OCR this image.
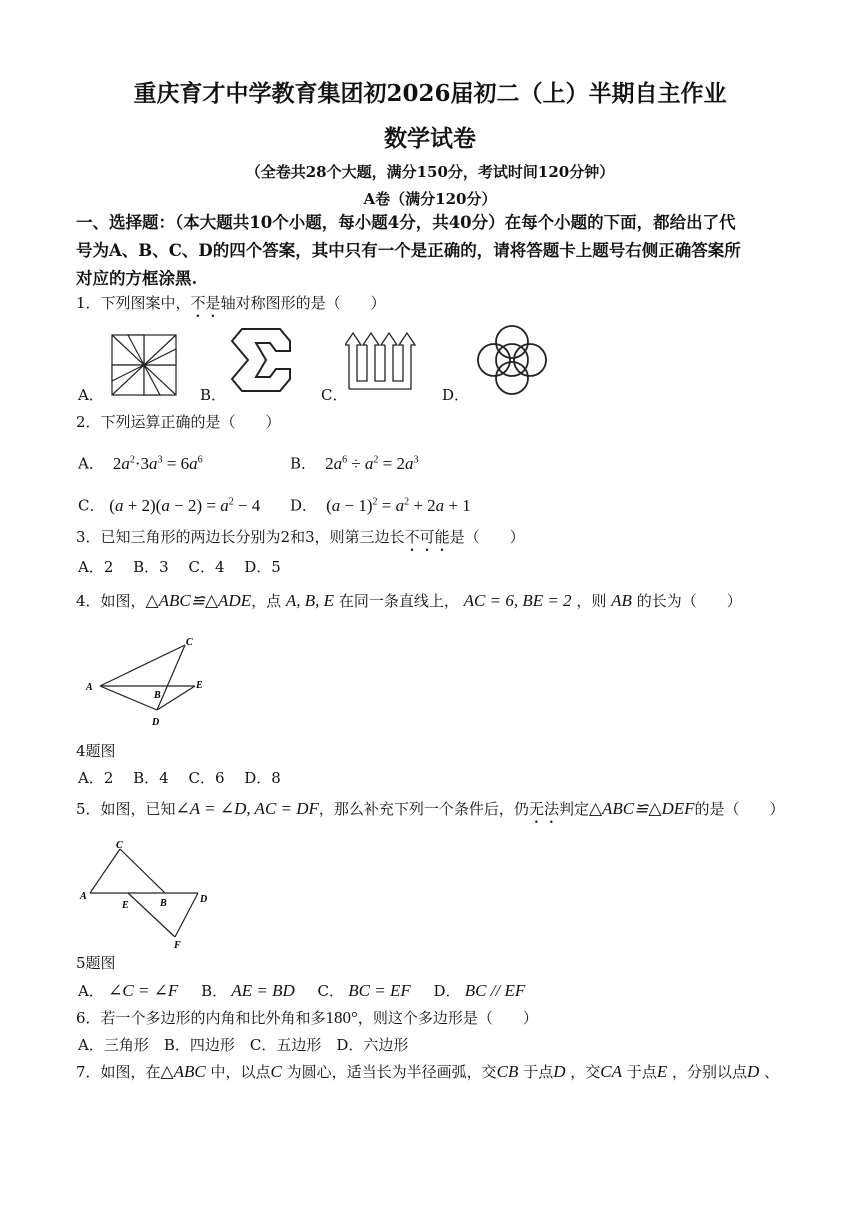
重庆育才中学教育集团初2026届初二（上）半期自主作业
数学试卷
（全卷共28个大题，满分150分，考试时间120分钟）
A卷（满分120分）
一、选择题：（本大题共10个小题，每小题4分，共40分）在每个小题的下面，都给出了代
号为A、B、C、D的四个答案，其中只有一个是正确的，请将答题卡上题号右侧正确答案所
对应的方框涂黑.
1．下列图案中，不是轴对称图形的是（　　）
A．	B．	C．	D．
2．下列运算正确的是（　　）
A．  $2a^2\cdot 3a^3 = 6a^6$	B．  $2a^6 \div a^2 = 2a^3$
C． $(a + 2)(a - 2) = a^2 - 4$ D．  $(a - 1)^2 = a^2 + 2a + 1$
3．已知三角形的两边长分别为2和3，则第三边长不可能是（　　）
A．2　 B．3　 C．4　 D．5
4．如图，△ABC≌△ADE，点 A, B, E 在同一条直线上， AC = 6, BE = 2 ，则 AB 的长为（　　）
A
B
C
D
E
4题图
A．2　 B．4　 C．6　 D．8
5．如图，已知∠A = ∠D, AC = DF，那么补充下列一个条件后，仍无法判定△ABC≌△DEF的是（　　）
A
B
C
D
E
F
5题图
A． ∠C = ∠F B． AE = BD C． BC = EF D． BC // EF
6．若一个多边形的内角和比外角和多180°，则这个多边形是（　　）
A．三角形　B．四边形　C．五边形　D．六边形
7．如图，在△ABC 中，以点C 为圆心，适当长为半径画弧，交CB 于点D ，交CA 于点E ，分别以点D 、
